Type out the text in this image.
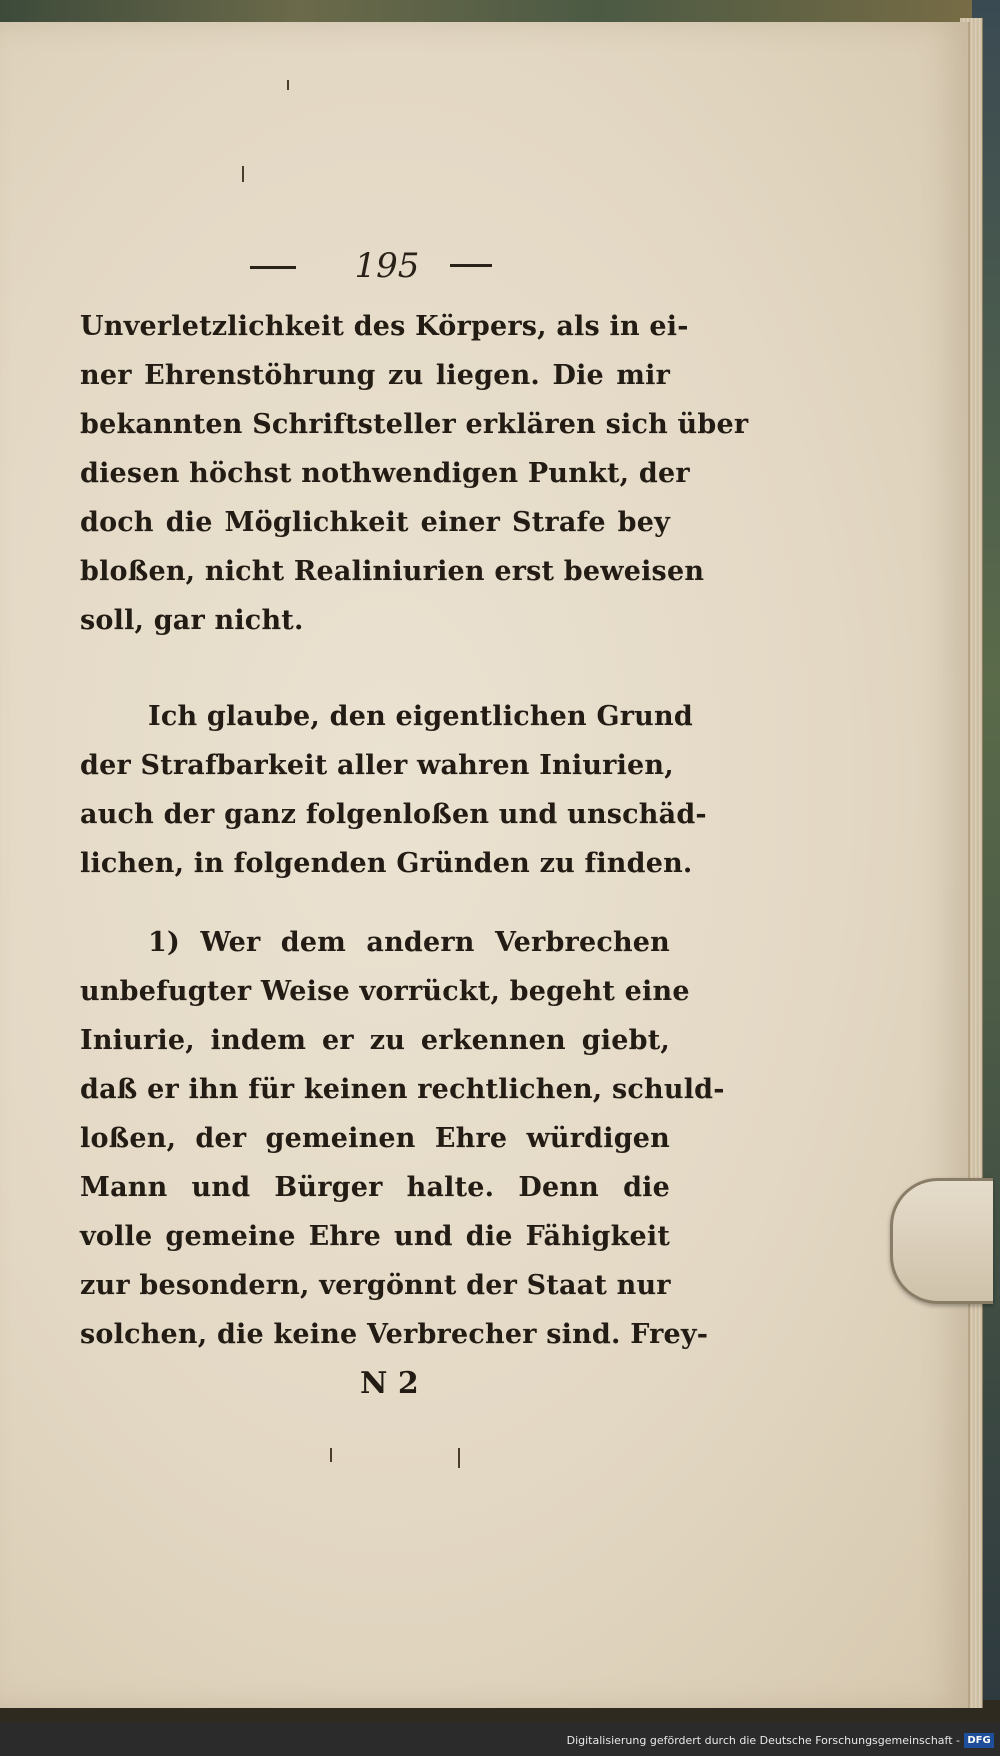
195
Unverletzlichkeit des Körpers, als in ei-
ner Ehrenstöhrung zu liegen. Die mir
bekannten Schriftsteller erklären sich über
diesen höchst nothwendigen Punkt, der
doch die Möglichkeit einer Strafe bey
bloßen, nicht Realiniurien erst beweisen
soll, gar nicht.
Ich glaube, den eigentlichen Grund
der Strafbarkeit aller wahren Iniurien,
auch der ganz folgenloßen und unschäd-
lichen, in folgenden Gründen zu finden.
1) Wer dem andern Verbrechen
unbefugter Weise vorrückt, begeht eine
Iniurie, indem er zu erkennen giebt,
daß er ihn für keinen rechtlichen, schuld-
loßen, der gemeinen Ehre würdigen
Mann und Bürger halte. Denn die
volle gemeine Ehre und die Fähigkeit
zur besondern, vergönnt der Staat nur
solchen, die keine Verbrecher sind. Frey-
N 2
Digitalisierung gefördert durch die Deutsche Forschungsgemeinschaft - DFG
